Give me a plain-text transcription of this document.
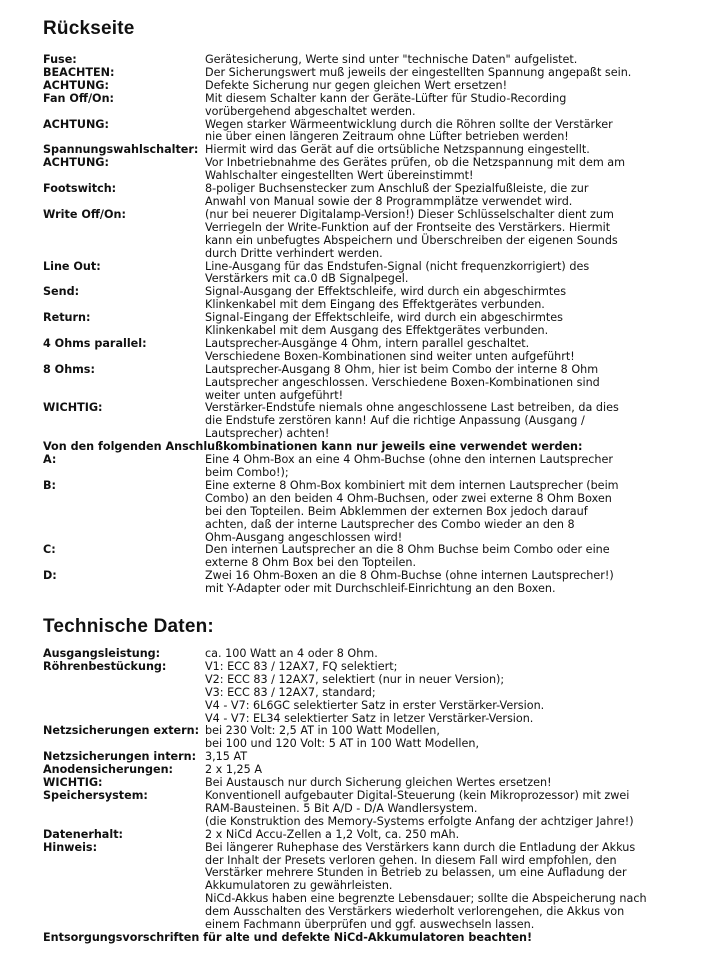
Rückseite
Fuse:	Gerätesicherung, Werte sind unter "technische Daten" aufgelistet.
BEACHTEN:	Der Sicherungswert muß jeweils der eingestellten Spannung angepaßt sein.
ACHTUNG:	Defekte Sicherung nur gegen gleichen Wert ersetzen!
Fan Off/On:	Mit diesem Schalter kann der Geräte-Lüfter für Studio-Recording
vorübergehend abgeschaltet werden.
ACHTUNG:	Wegen starker Wärmeentwicklung durch die Röhren sollte der Verstärker
nie über einen längeren Zeitraum ohne Lüfter betrieben werden!
Spannungswahlschalter: Hiermit wird das Gerät auf die ortsübliche Netzspannung eingestellt.
ACHTUNG:	Vor Inbetriebnahme des Gerätes prüfen, ob die Netzspannung mit dem am
Wahlschalter eingestellten Wert übereinstimmt!
Footswitch:	8-poliger Buchsenstecker zum Anschluß der Spezialfußleiste, die zur
Anwahl von Manual sowie der 8 Programmplätze verwendet wird.
Write Off/On:	(nur bei neuerer Digitalamp-Version!) Dieser Schlüsselschalter dient zum
Verriegeln der Write-Funktion auf der Frontseite des Verstärkers. Hiermit
kann ein unbefugtes Abspeichern und Überschreiben der eigenen Sounds
durch Dritte verhindert werden.
Line Out:	Line-Ausgang für das Endstufen-Signal (nicht frequenzkorrigiert) des
Verstärkers mit ca.0 dB Signalpegel.
Send:	Signal-Ausgang der Effektschleife, wird durch ein abgeschirmtes
Klinkenkabel mit dem Eingang des Effektgerätes verbunden.
Return:	Signal-Eingang der Effektschleife, wird durch ein abgeschirmtes
Klinkenkabel mit dem Ausgang des Effektgerätes verbunden.
4 Ohms parallel:	Lautsprecher-Ausgänge 4 Ohm, intern parallel geschaltet.
Verschiedene Boxen-Kombinationen sind weiter unten aufgeführt!
8 Ohms:	Lautsprecher-Ausgang 8 Ohm, hier ist beim Combo der interne 8 Ohm
Lautsprecher angeschlossen. Verschiedene Boxen-Kombinationen sind
weiter unten aufgeführt!
WICHTIG:	Verstärker-Endstufe niemals ohne angeschlossene Last betreiben, da dies
die Endstufe zerstören kann! Auf die richtige Anpassung (Ausgang /
Lautsprecher) achten!
Von den folgenden Anschlußkombinationen kann nur jeweils eine verwendet werden:
A:	Eine 4 Ohm-Box an eine 4 Ohm-Buchse (ohne den internen Lautsprecher
beim Combo!);
B:	Eine externe 8 Ohm-Box kombiniert mit dem internen Lautsprecher (beim
Combo) an den beiden 4 Ohm-Buchsen, oder zwei externe 8 Ohm Boxen
bei den Topteilen. Beim Abklemmen der externen Box jedoch darauf
achten, daß der interne Lautsprecher des Combo wieder an den 8
Ohm-Ausgang angeschlossen wird!
C:	Den internen Lautsprecher an die 8 Ohm Buchse beim Combo oder eine
externe 8 Ohm Box bei den Topteilen.
D:	Zwei 16 Ohm-Boxen an die 8 Ohm-Buchse (ohne internen Lautsprecher!)
mit Y-Adapter oder mit Durchschleif-Einrichtung an den Boxen.
Technische Daten:
Ausgangsleistung:	ca. 100 Watt an 4 oder 8 Ohm.
Röhrenbestückung:	V1: ECC 83 / 12AX7, FQ selektiert;
V2: ECC 83 / 12AX7, selektiert (nur in neuer Version);
V3: ECC 83 / 12AX7, standard;
V4 - V7: 6L6GC selektierter Satz in erster Verstärker-Version.
V4 - V7: EL34 selektierter Satz in letzer Verstärker-Version.
Netzsicherungen extern: bei 230 Volt: 2,5 AT in 100 Watt Modellen,
bei 100 und 120 Volt: 5 AT in 100 Watt Modellen,
Netzsicherungen intern: 3,15 AT
Anodensicherungen:	2 x 1,25 A
WICHTIG:	Bei Austausch nur durch Sicherung gleichen Wertes ersetzen!
Speichersystem:	Konventionell aufgebauter Digital-Steuerung (kein Mikroprozessor) mit zwei
RAM-Bausteinen. 5 Bit A/D - D/A Wandlersystem.
(die Konstruktion des Memory-Systems erfolgte Anfang der achtziger Jahre!)
Datenerhalt:	2 x NiCd Accu-Zellen a 1,2 Volt, ca. 250 mAh.
Hinweis:	Bei längerer Ruhephase des Verstärkers kann durch die Entladung der Akkus
der Inhalt der Presets verloren gehen. In diesem Fall wird empfohlen, den
Verstärker mehrere Stunden in Betrieb zu belassen, um eine Aufladung der
Akkumulatoren zu gewährleisten.
NiCd-Akkus haben eine begrenzte Lebensdauer; sollte die Abspeicherung nach
dem Ausschalten des Verstärkers wiederholt verlorengehen, die Akkus von
einem Fachmann überprüfen und ggf. auswechseln lassen.
Entsorgungsvorschriften für alte und defekte NiCd-Akkumulatoren beachten!
